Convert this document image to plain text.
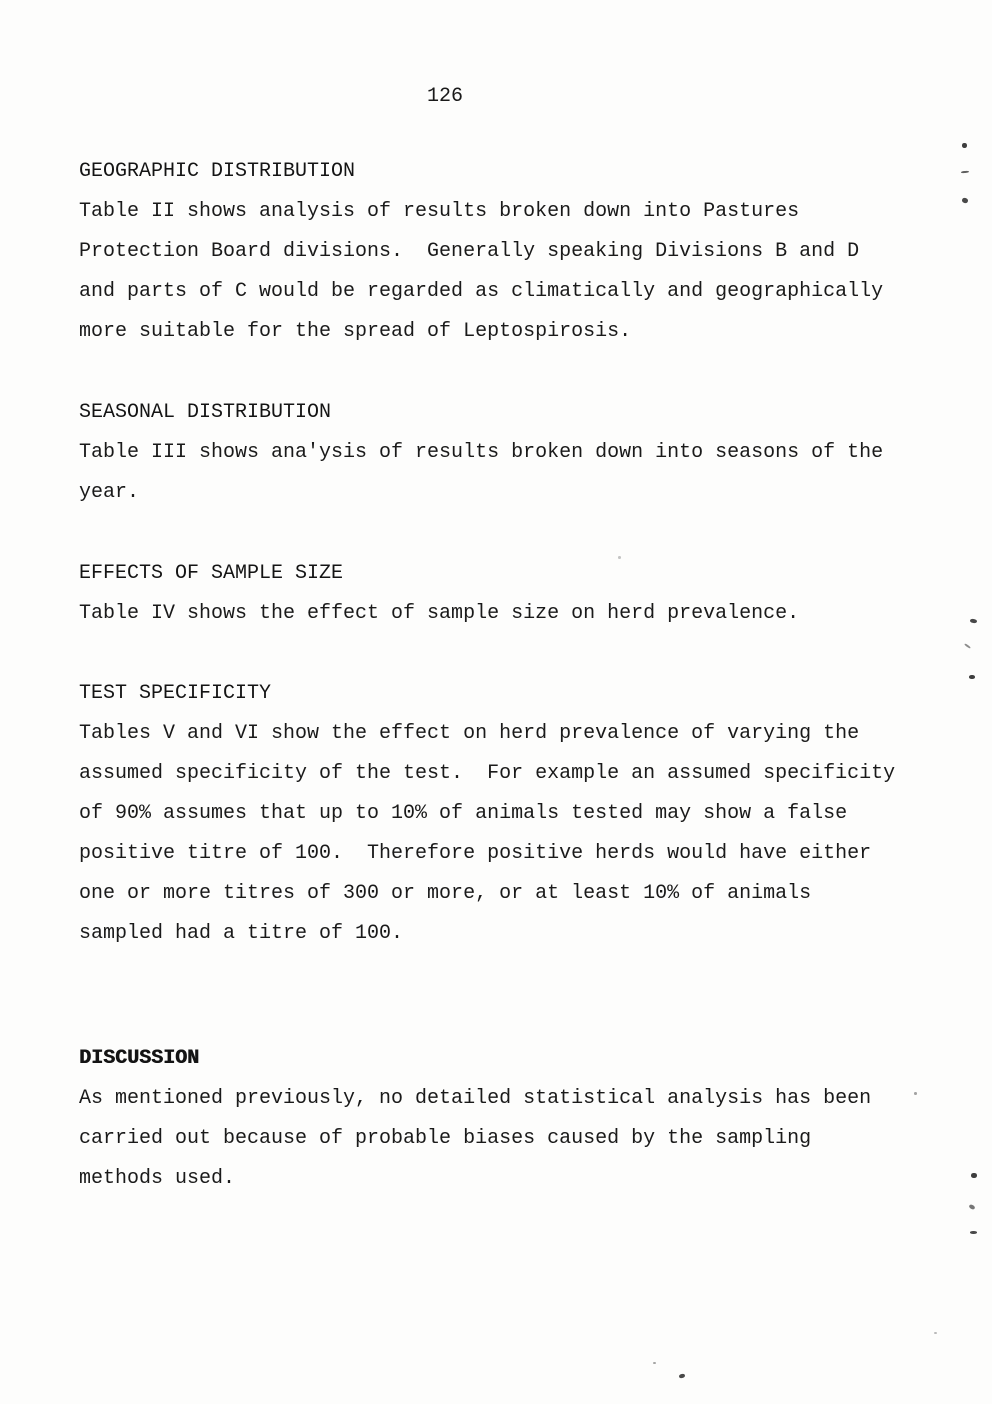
126
GEOGRAPHIC DISTRIBUTION
Table II shows analysis of results broken down into Pastures
Protection Board divisions.  Generally speaking Divisions B and D
and parts of C would be regarded as climatically and geographically
more suitable for the spread of Leptospirosis.
SEASONAL DISTRIBUTION
Table III shows ana'ysis of results broken down into seasons of the
year.
EFFECTS OF SAMPLE SIZE
Table IV shows the effect of sample size on herd prevalence.
TEST SPECIFICITY
Tables V and VI show the effect on herd prevalence of varying the
assumed specificity of the test.  For example an assumed specificity
of 90% assumes that up to 10% of animals tested may show a false
positive titre of 100.  Therefore positive herds would have either
one or more titres of 300 or more, or at least 10% of animals
sampled had a titre of 100.
DISCUSSION
As mentioned previously, no detailed statistical analysis has been
carried out because of probable biases caused by the sampling
methods used.
